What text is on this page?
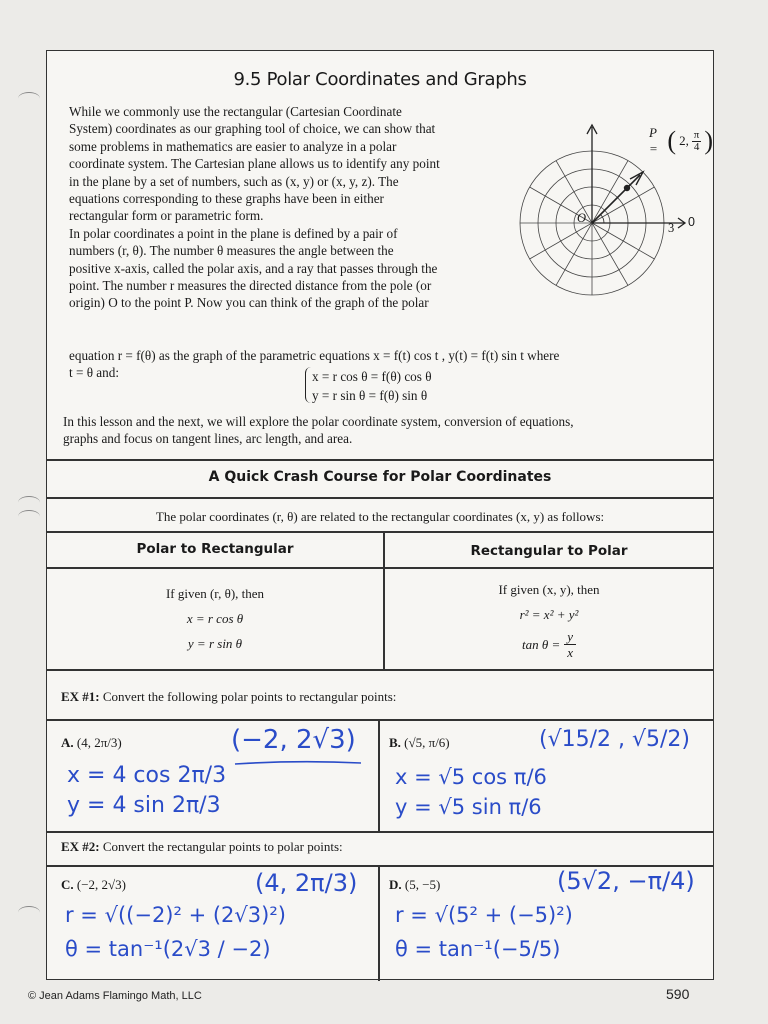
9.5 Polar Coordinates and Graphs
While we commonly use the rectangular (Cartesian Coordinate
System) coordinates as our graphing tool of choice, we can show that
some problems in mathematics are easier to analyze in a polar
coordinate system. The Cartesian plane allows us to identify any point
in the plane by a set of numbers, such as (x, y) or (x, y, z). The
equations corresponding to these graphs have been in either
rectangular form or parametric form.
In polar coordinates a point in the plane is defined by a pair of
numbers (r, θ). The number θ measures the angle between the
positive x-axis, called the polar axis, and a ray that passes through the
point. The number r measures the directed distance from the pole (or
origin) O to the point P. Now you can think of the graph of the polar
O
3 0
P = ( 2, $\frac{\pi}{4}$ )
equation r = f(θ) as the graph of the parametric equations x = f(t) cos t , y(t) = f(t) sin t where
t = θ and:	x = r cos θ = f(θ) cos θ
y = r sin θ = f(θ) sin θ
In this lesson and the next, we will explore the polar coordinate system, conversion of equations,
graphs and focus on tangent lines, arc length, and area.
A Quick Crash Course for Polar Coordinates
The polar coordinates (r, θ) are related to the rectangular coordinates (x, y) as follows:
Polar to Rectangular	Rectangular to Polar
If given (r, θ), then
x = r cos θ
y = r sin θ
If given (x, y), then
r² = x² + y²
$\tan \theta = \frac{y}{x}$
EX #1: Convert the following polar points to rectangular points:
A. (4, 2π/3)	(−2, 2√3)
x = 4 cos 2π/3
y = 4 sin 2π/3
B. (√5, π/6)	(√15/2 , √5/2)
x = √5 cos π/6
y = √5 sin π/6
EX #2: Convert the rectangular points to polar points:
C. (−2, 2√3)	(4, 2π/3)
r = √((−2)² + (2√3)²)
θ = tan⁻¹(2√3 / −2)
D. (5, −5)	(5√2, −π/4)
r = √(5² + (−5)²)
θ = tan⁻¹(−5/5)
© Jean Adams Flamingo Math, LLC	590
